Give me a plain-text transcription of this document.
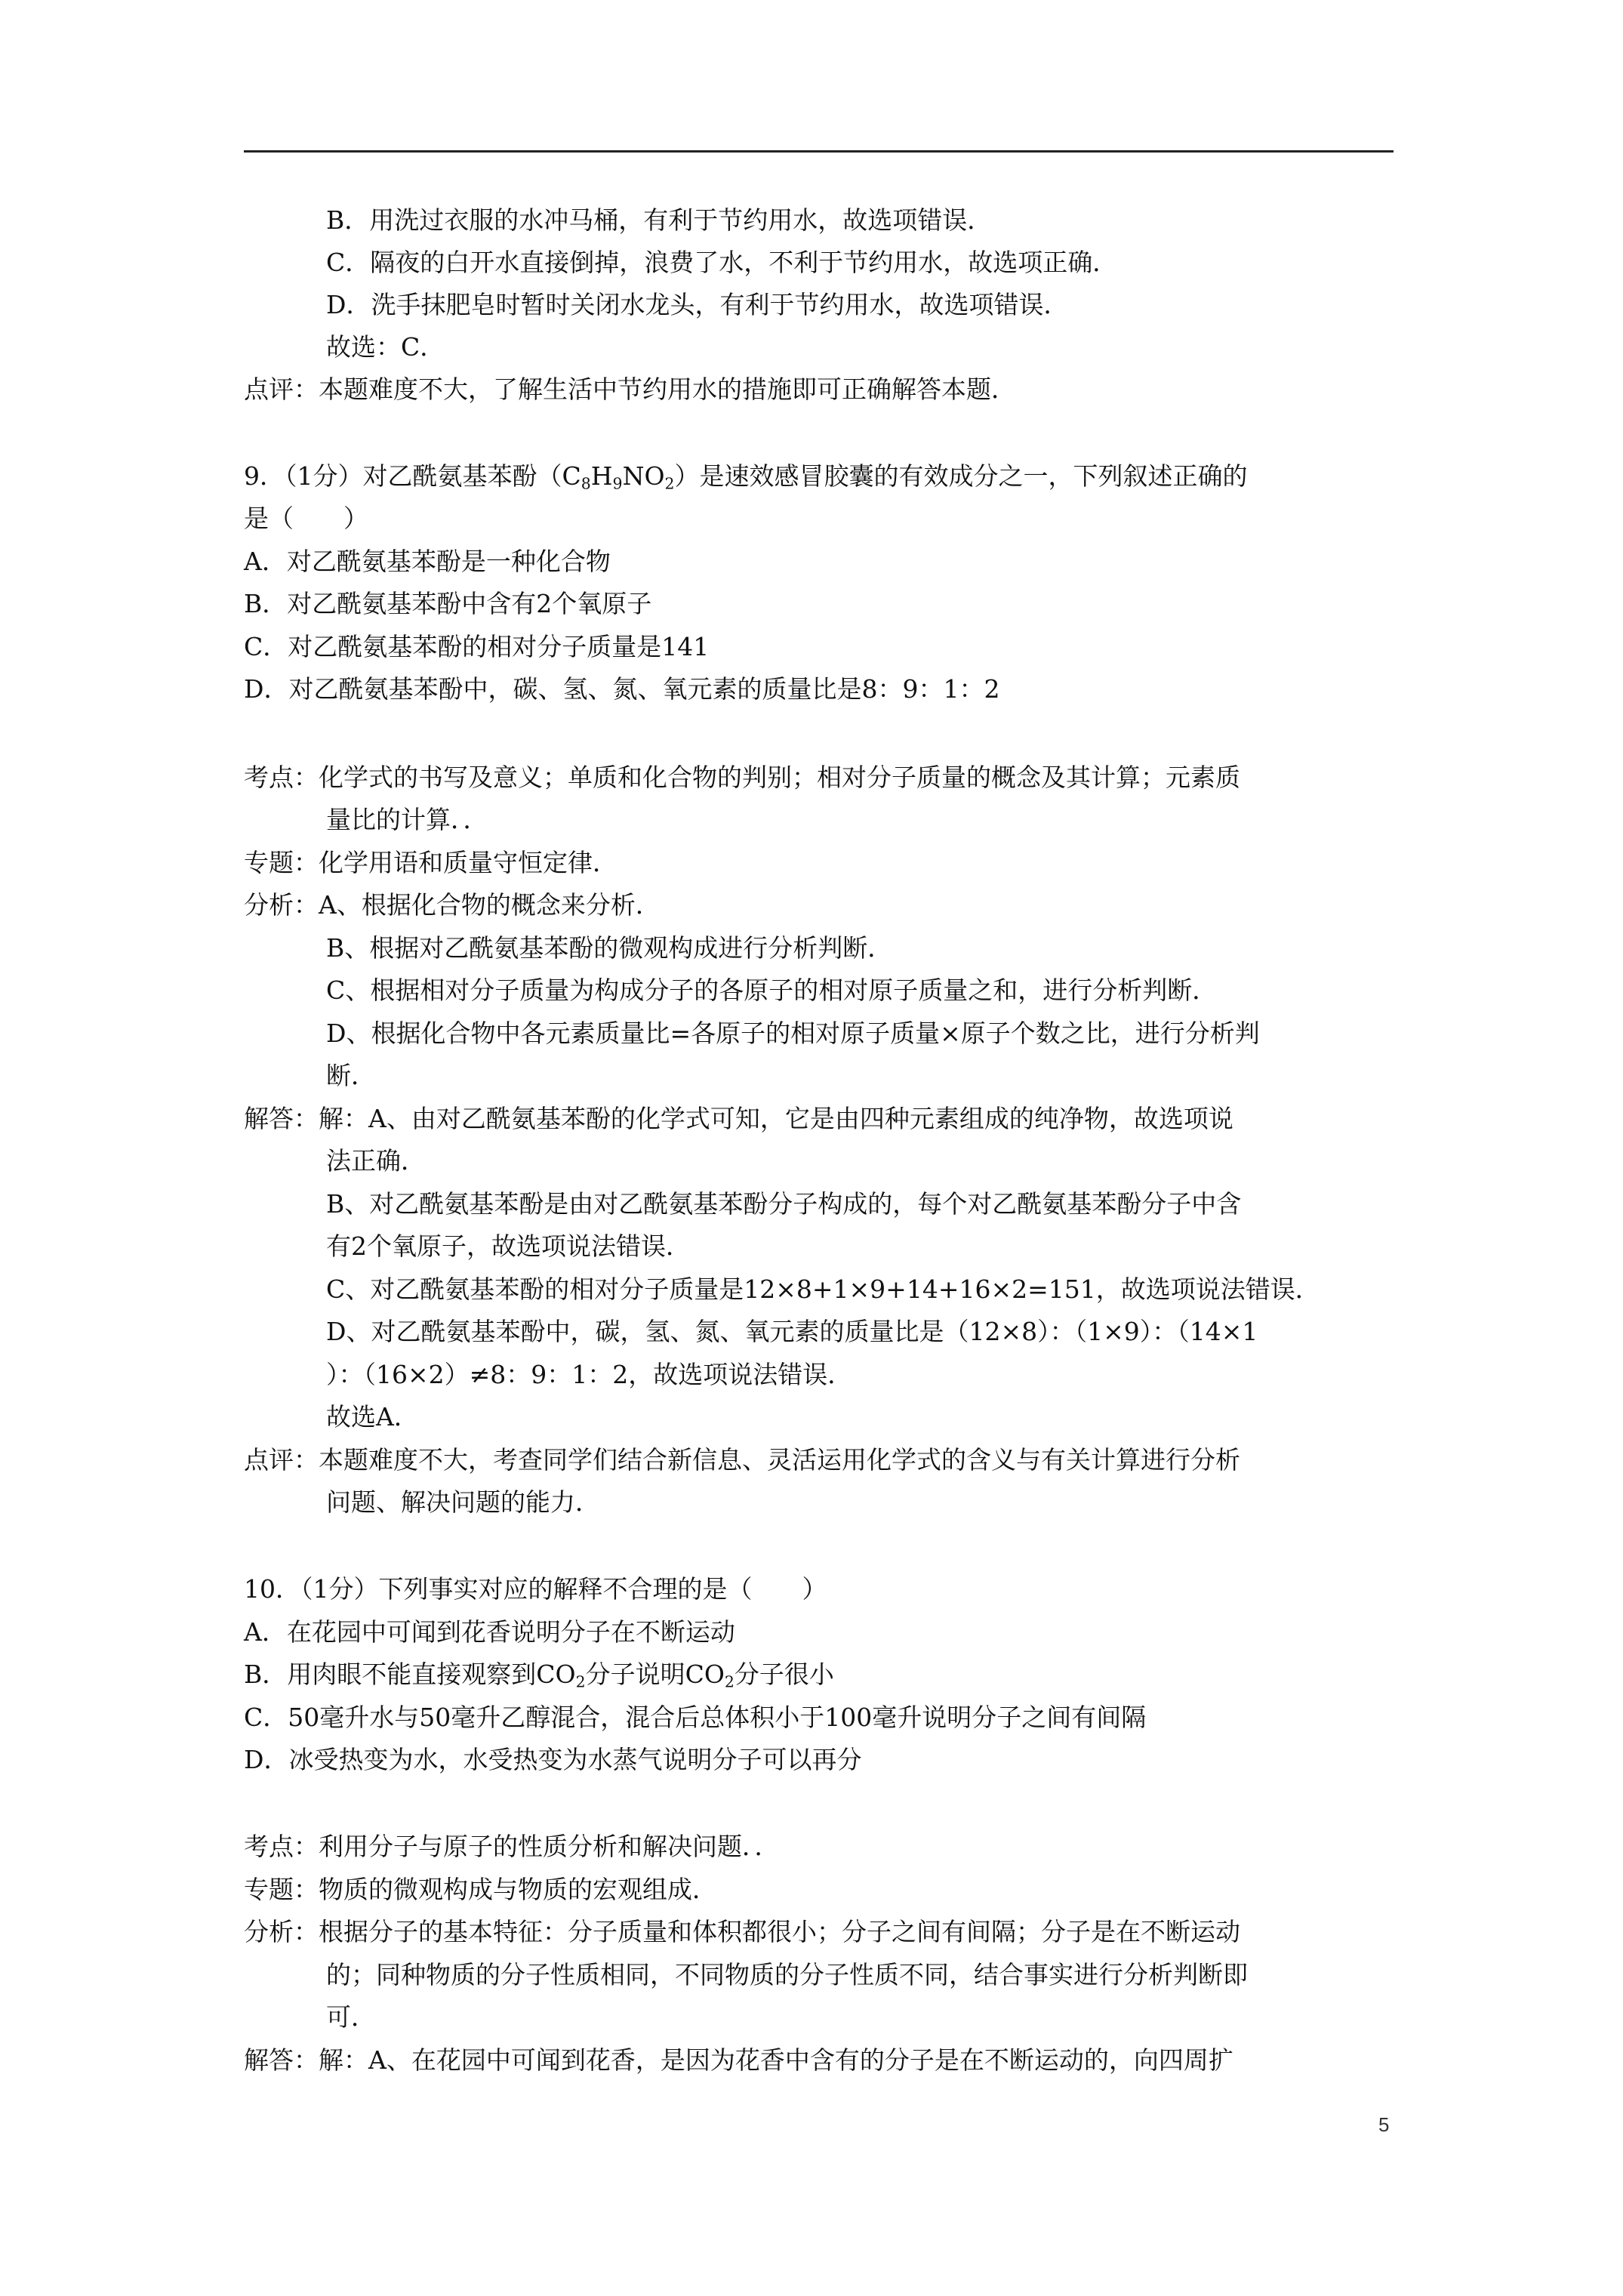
B．用洗过衣服的水冲马桶，有利于节约用水，故选项错误．
C．隔夜的白开水直接倒掉，浪费了水，不利于节约用水，故选项正确．
D．洗手抹肥皂时暂时关闭水龙头，有利于节约用水，故选项错误．
故选：C．
点评：本题难度不大，了解生活中节约用水的措施即可正确解答本题．
9．（1分）对乙酰氨基苯酚$(C_8H_9NO_2)$是速效感冒胶囊的有效成分之一，下列叙述正确的
是（　　）
A．对乙酰氨基苯酚是一种化合物
B．对乙酰氨基苯酚中含有2个氧原子
C．对乙酰氨基苯酚的相对分子质量是141
D．对乙酰氨基苯酚中，碳、氢、氮、氧元素的质量比是8：9：1：2
考点：化学式的书写及意义；单质和化合物的判别；相对分子质量的概念及其计算；元素质
量比的计算．．
专题：化学用语和质量守恒定律．
分析：A、根据化合物的概念来分析．
B、根据对乙酰氨基苯酚的微观构成进行分析判断．
C、根据相对分子质量为构成分子的各原子的相对原子质量之和，进行分析判断．
D、根据化合物中各元素质量比=各原子的相对原子质量×原子个数之比，进行分析判
断．
解答：解：A、由对乙酰氨基苯酚的化学式可知，它是由四种元素组成的纯净物，故选项说
法正确．
B、对乙酰氨基苯酚是由对乙酰氨基苯酚分子构成的，每个对乙酰氨基苯酚分子中含
有2个氧原子，故选项说法错误．
C、对乙酰氨基苯酚的相对分子质量是12×8+1×9+14+16×2=151，故选项说法错误．
D、对乙酰氨基苯酚中，碳，氢、氮、氧元素的质量比是（12×8）：（1×9）：（14×1
）：（16×2）≠8：9：1：2，故选项说法错误．
故选A．
点评：本题难度不大，考查同学们结合新信息、灵活运用化学式的含义与有关计算进行分析
问题、解决问题的能力．
10．（1分）下列事实对应的解释不合理的是（　　）
A．在花园中可闻到花香说明分子在不断运动
B．用肉眼不能直接观察到$CO_2$分子说明$CO_2$分子很小
C．50毫升水与50毫升乙醇混合，混合后总体积小于100毫升说明分子之间有间隔
D．冰受热变为水，水受热变为水蒸气说明分子可以再分
考点：利用分子与原子的性质分析和解决问题．．
专题：物质的微观构成与物质的宏观组成．
分析：根据分子的基本特征：分子质量和体积都很小；分子之间有间隔；分子是在不断运动
的；同种物质的分子性质相同，不同物质的分子性质不同，结合事实进行分析判断即
可．
解答：解：A、在花园中可闻到花香，是因为花香中含有的分子是在不断运动的，向四周扩
5
